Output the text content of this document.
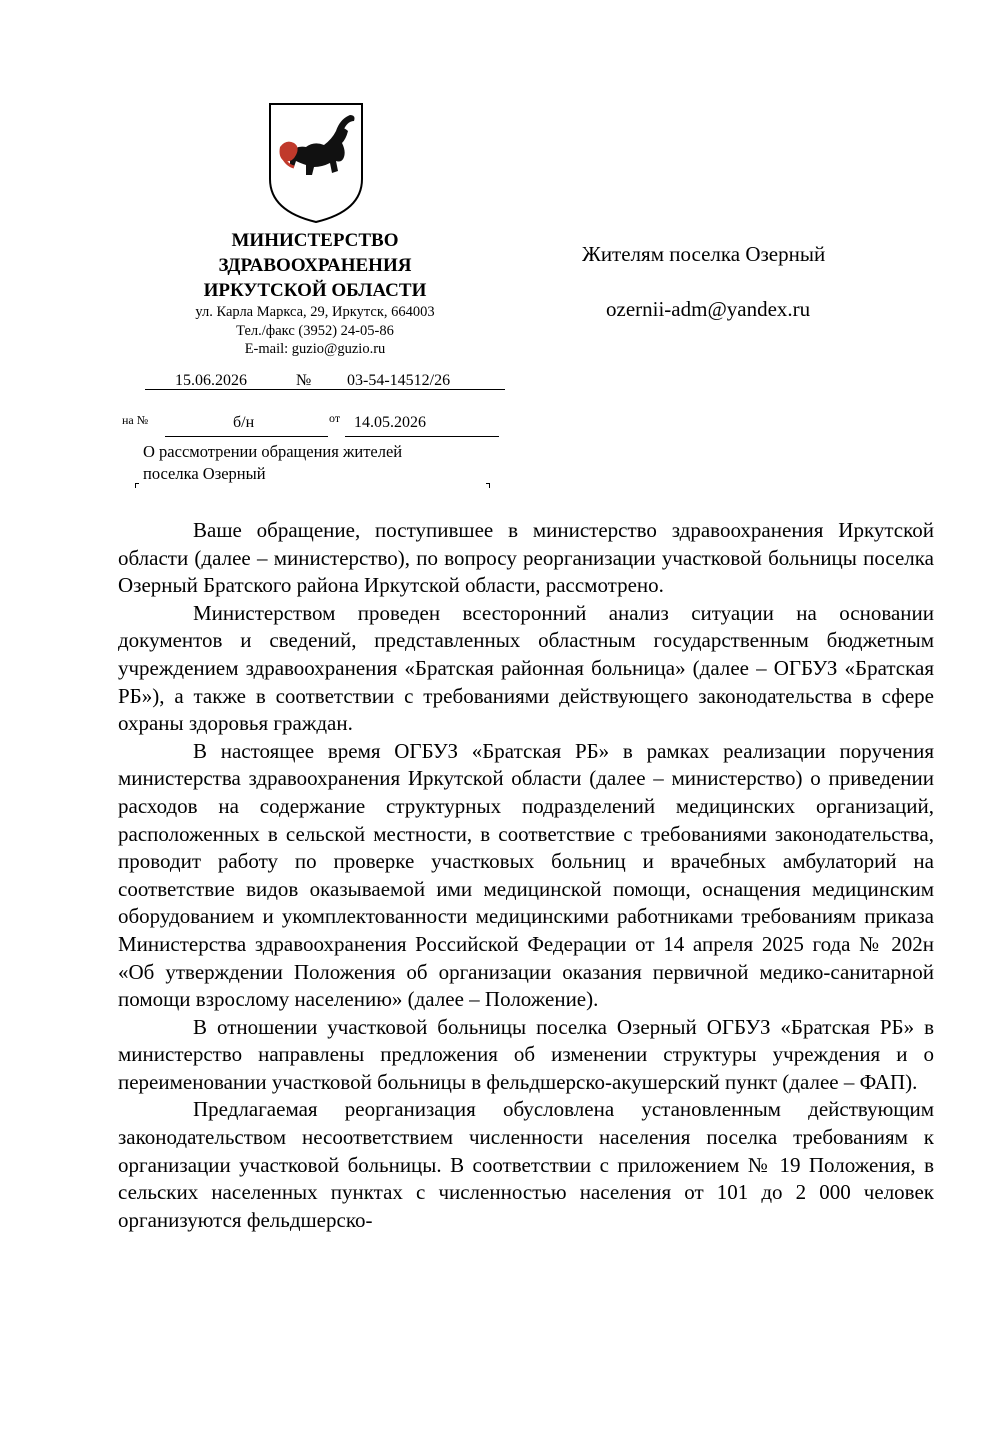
МИНИСТЕРСТВО
ЗДРАВООХРАНЕНИЯ
ИРКУТСКОЙ ОБЛАСТИ
ул. Карла Маркса, 29, Иркутск, 664003
Тел./факс (3952) 24-05-86
E-mail: guzio@guzio.ru
15.06.2026	№ 03-54-14512/26
на №	б/н	от 14.05.2026
О рассмотрении обращения жителей
поселка Озерный
Жителям поселка Озерный
ozernii-adm@yandex.ru

Ваше обращение, поступившее в министерство здравоохранения Иркутской области (далее – министерство), по вопросу реорганизации участковой больницы поселка Озерный Братского района Иркутской области, рассмотрено.

Министерством проведен всесторонний анализ ситуации на основании документов и сведений, представленных областным государственным бюджетным учреждением здравоохранения «Братская районная больница» (далее – ОГБУЗ «Братская РБ»), а также в соответствии с требованиями действующего законодательства в сфере охраны здоровья граждан.

В настоящее время ОГБУЗ «Братская РБ» в рамках реализации поручения министерства здравоохранения Иркутской области (далее – министерство) о приведении расходов на содержание структурных подразделений медицинских организаций, расположенных в сельской местности, в соответствие с требованиями законодательства, проводит работу по проверке участковых больниц и врачебных амбулаторий на соответствие видов оказываемой ими медицинской помощи, оснащения медицинским оборудованием и укомплектованности медицинскими работниками требованиям приказа Министерства здравоохранения Российской Федерации от 14 апреля 2025 года № 202н «Об утверждении Положения об организации оказания первичной медико-санитарной помощи взрослому населению» (далее – Положение).

В отношении участковой больницы поселка Озерный ОГБУЗ «Братская РБ» в министерство направлены предложения об изменении структуры учреждения и о переименовании участковой больницы в фельдшерско-акушерский пункт (далее – ФАП).

Предлагаемая реорганизация обусловлена установленным действующим законодательством несоответствием численности населения поселка требованиям к организации участковой больницы. В соответствии с приложением № 19 Положения, в сельских населенных пунктах с численностью населения от 101 до 2 000 человек организуются фельдшерско-
